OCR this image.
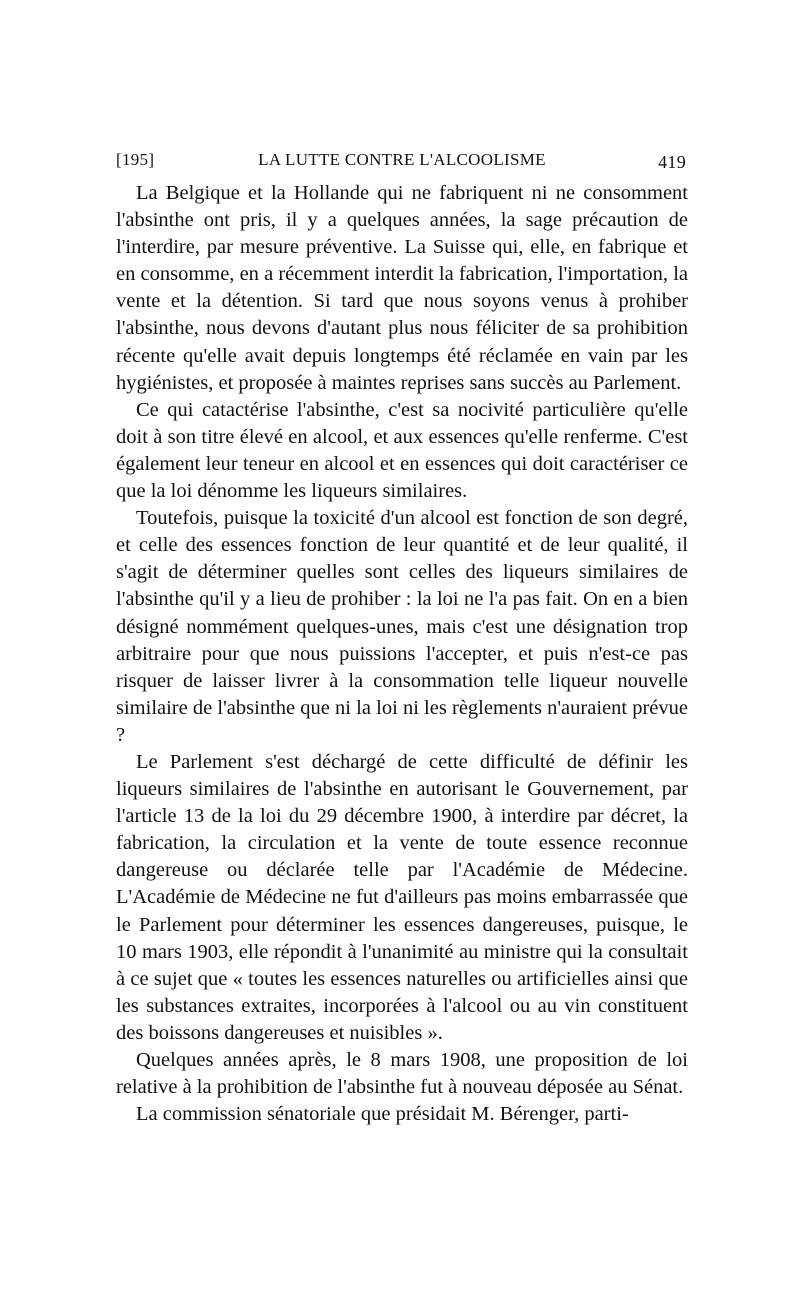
[195]	LA LUTTE CONTRE L'ALCOOLISME	419

La Belgique et la Hollande qui ne fabriquent ni ne consomment l'absinthe ont pris, il y a quelques années, la sage précaution de l'interdire, par mesure préventive. La Suisse qui, elle, en fabrique et en consomme, en a récemment interdit la fabrication, l'importation, la vente et la détention. Si tard que nous soyons venus à prohiber l'absinthe, nous devons d'autant plus nous féliciter de sa prohibition récente qu'elle avait depuis longtemps été réclamée en vain par les hygiénistes, et proposée à maintes reprises sans succès au Parlement.

Ce qui catactérise l'absinthe, c'est sa nocivité particulière qu'elle doit à son titre élevé en alcool, et aux essences qu'elle renferme. C'est également leur teneur en alcool et en essences qui doit caractériser ce que la loi dénomme les liqueurs similaires.

Toutefois, puisque la toxicité d'un alcool est fonction de son degré, et celle des essences fonction de leur quantité et de leur qualité, il s'agit de déterminer quelles sont celles des liqueurs similaires de l'absinthe qu'il y a lieu de prohiber : la loi ne l'a pas fait. On en a bien désigné nommément quelques-unes, mais c'est une désignation trop arbitraire pour que nous puissions l'accepter, et puis n'est-ce pas risquer de laisser livrer à la consommation telle liqueur nouvelle similaire de l'absinthe que ni la loi ni les règlements n'auraient prévue ?

Le Parlement s'est déchargé de cette difficulté de définir les liqueurs similaires de l'absinthe en autorisant le Gouvernement, par l'article 13 de la loi du 29 décembre 1900, à interdire par décret, la fabrication, la circulation et la vente de toute essence reconnue dangereuse ou déclarée telle par l'Académie de Médecine. L'Académie de Médecine ne fut d'ailleurs pas moins embarrassée que le Parlement pour déterminer les essences dangereuses, puisque, le 10 mars 1903, elle répondit à l'unanimité au ministre qui la consultait à ce sujet que « toutes les essences naturelles ou artificielles ainsi que les substances extraites, incorporées à l'alcool ou au vin constituent des boissons dangereuses et nuisibles ».

Quelques années après, le 8 mars 1908, une proposition de loi relative à la prohibition de l'absinthe fut à nouveau déposée au Sénat.

La commission sénatoriale que présidait M. Bérenger, parti-
